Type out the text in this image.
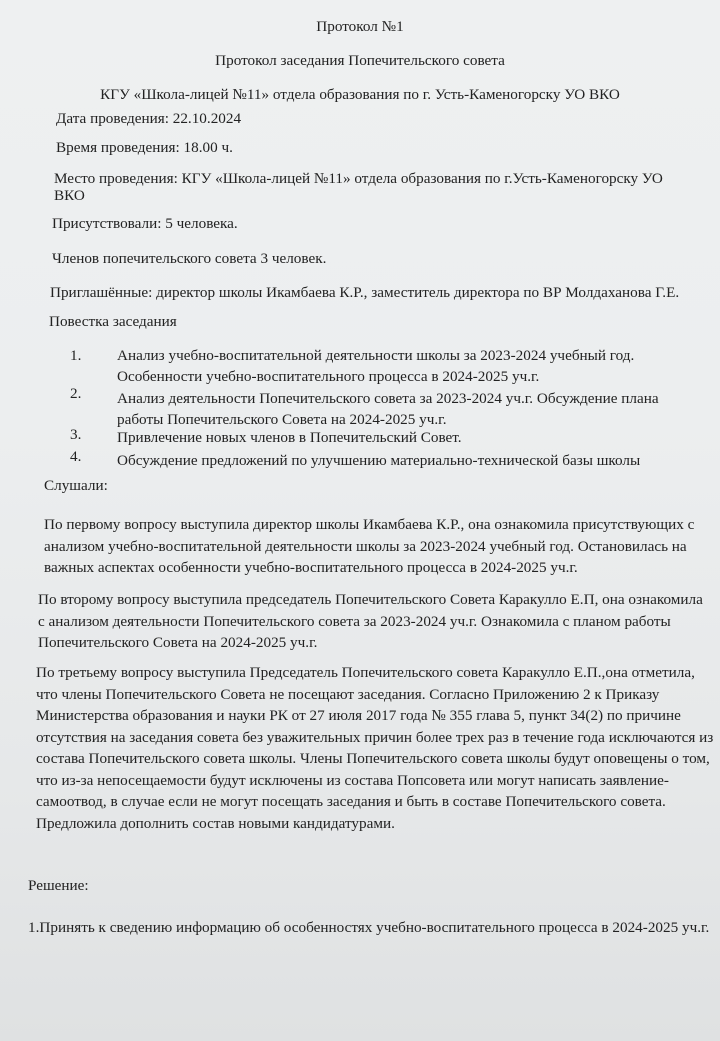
Протокол №1
Протокол заседания Попечительского совета
КГУ «Школа-лицей №11» отдела образования по г. Усть-Каменогорску УО ВКО
Дата проведения: 22.10.2024
Время проведения: 18.00 ч.
Место проведения: КГУ «Школа-лицей №11» отдела образования по г.Усть-Каменогорску УО ВКО
Присутствовали: 5 человека.
Членов попечительского совета 3 человек.
Приглашённые: директор школы Икамбаева К.Р., заместитель директора по ВР Молдаханова Г.Е.
Повестка заседания
1. Анализ учебно-воспитательной деятельности школы за 2023-2024 учебный год. Особенности учебно-воспитательного процесса в 2024-2025 уч.г.
2. Анализ деятельности Попечительского совета за 2023-2024 уч.г. Обсуждение плана работы Попечительского Совета на 2024-2025 уч.г.
3. Привлечение новых членов в Попечительский Совет.
4. Обсуждение предложений по улучшению материально-технической базы школы
Слушали:
По первому вопросу выступила директор школы Икамбаева К.Р., она ознакомила присутствующих с анализом учебно-воспитательной деятельности школы за 2023-2024 учебный год. Остановилась на важных аспектах особенности учебно-воспитательного процесса в 2024-2025 уч.г.
По второму вопросу выступила председатель Попечительского Совета Каракулло Е.П, она ознакомила с анализом деятельности Попечительского совета за 2023-2024 уч.г. Ознакомила с планом работы Попечительского Совета на 2024-2025 уч.г.
По третьему вопросу выступила Председатель Попечительского совета Каракулло Е.П.,она отметила, что члены Попечительского Совета не посещают заседания. Согласно Приложению 2 к Приказу Министерства образования и науки РК от 27 июля 2017 года № 355 глава 5, пункт 34(2) по причине отсутствия на заседания совета без уважительных причин более трех раз в течение года исключаются из состава Попечительского совета школы. Члены Попечительского совета школы будут оповещены о том, что из-за непосещаемости будут исключены из состава Попсовета или могут написать заявление-самоотвод, в случае если не могут посещать заседания и быть в составе Попечительского совета. Предложила дополнить состав новыми кандидатурами.
Решение:
1.Принять к сведению информацию об особенностях учебно-воспитательного процесса в 2024-2025 уч.г.
